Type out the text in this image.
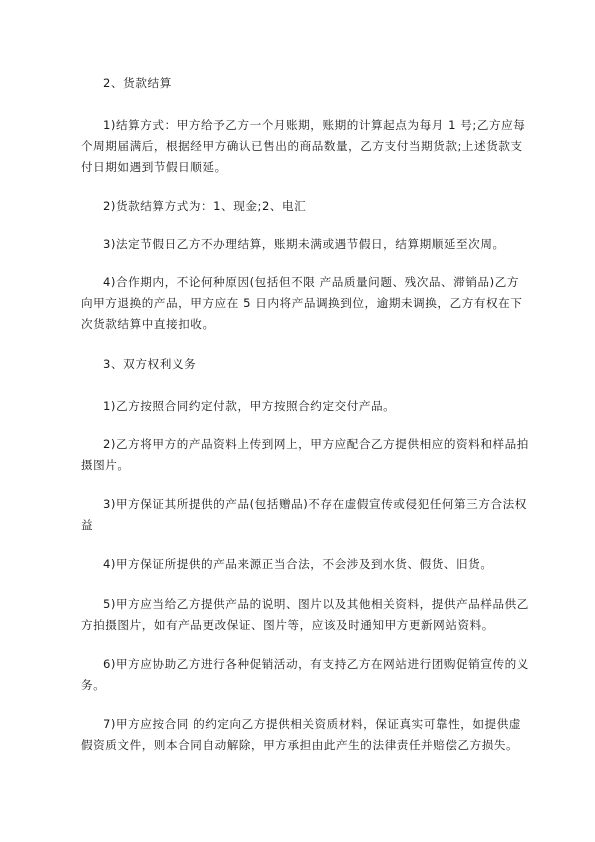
2、货款结算

1)结算方式：甲方给予乙方一个月账期，账期的计算起点为每月 1 号;乙方应每个周期届满后，根据经甲方确认已售出的商品数量，乙方支付当期货款;上述货款支付日期如遇到节假日顺延。

2)货款结算方式为：1、现金;2、电汇

3)法定节假日乙方不办理结算，账期未满或遇节假日，结算期顺延至次周。

4)合作期内，不论何种原因(包括但不限 产品质量问题、残次品、滞销品)乙方向甲方退换的产品，甲方应在 5 日内将产品调换到位，逾期未调换，乙方有权在下次货款结算中直接扣收。

3、双方权利义务

1)乙方按照合同约定付款，甲方按照合约定交付产品。

2)乙方将甲方的产品资料上传到网上，甲方应配合乙方提供相应的资料和样品拍摄图片。

3)甲方保证其所提供的产品(包括赠品)不存在虚假宣传或侵犯任何第三方合法权益

4)甲方保证所提供的产品来源正当合法，不会涉及到水货、假货、旧货。

5)甲方应当给乙方提供产品的说明、图片以及其他相关资料，提供产品样品供乙方拍摄图片，如有产品更改保证、图片等，应该及时通知甲方更新网站资料。

6)甲方应协助乙方进行各种促销活动，有支持乙方在网站进行团购促销宣传的义务。

7)甲方应按合同 的约定向乙方提供相关资质材料，保证真实可靠性，如提供虚假资质文件，则本合同自动解除，甲方承担由此产生的法律责任并赔偿乙方损失。
